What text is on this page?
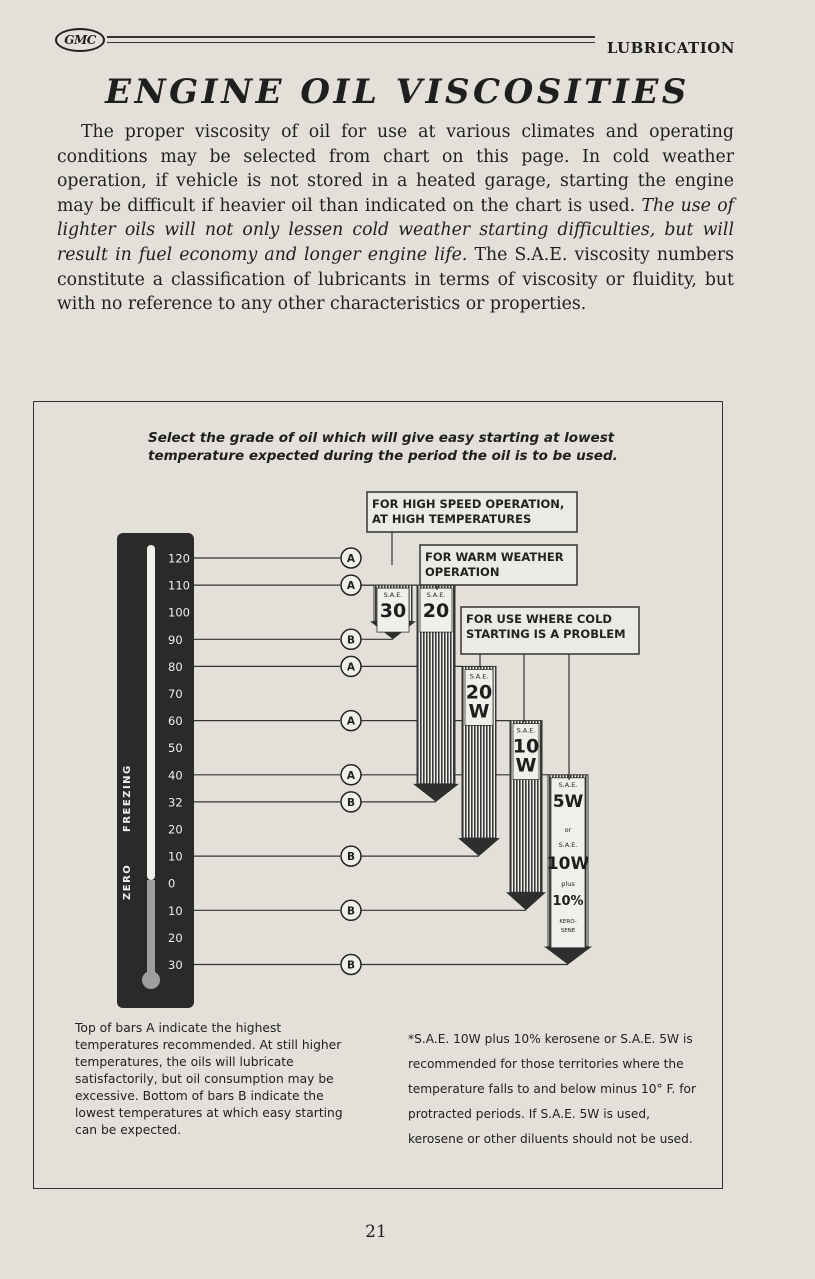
GMC	LUBRICATION
ENGINE OIL VISCOSITIES

The proper viscosity of oil for use at various climates and operating conditions may be selected from chart on this page. In cold weather operation, if vehicle is not stored in a heated garage, starting the engine may be difficult if heavier oil than indicated on the chart is used. The use of lighter oils will not only lessen cold weather starting difficulties, but will result in fuel economy and longer engine life. The S.A.E. viscosity numbers constitute a classification of lubricants in terms of viscosity or fluidity, but with no reference to any other characteristics or properties.

Select the grade of oil which will give easy starting at lowest temperature expected during the period the oil is to be used.

FREEZING
ZERO
120
110
100
90
80
70
60
50
40
32
20
10
0
10
20
30
S.A.E.
30
S.A.E.
20
S.A.E.
20
W
S.A.E.
10
W
S.A.E.
5W
or
S.A.E.
10W
plus
10%
KERO-
SENE
A
A
B
A
A
A
B
B
B
B
FOR HIGH SPEED OPERATION,
AT HIGH TEMPERATURES
FOR WARM WEATHER
OPERATION
FOR USE WHERE COLD
STARTING IS A PROBLEM

Top of bars A indicate the highest temperatures recommended. At still higher temperatures, the oils will lubricate satisfactorily, but oil consumption may be excessive. Bottom of bars B indicate the lowest temperatures at which easy starting can be expected.

*S.A.E. 10W plus 10% kerosene or S.A.E. 5W is recommended for those territories where the temperature falls to and below minus 10° F. for protracted periods. If S.A.E. 5W is used, kerosene or other diluents should not be used.

21
